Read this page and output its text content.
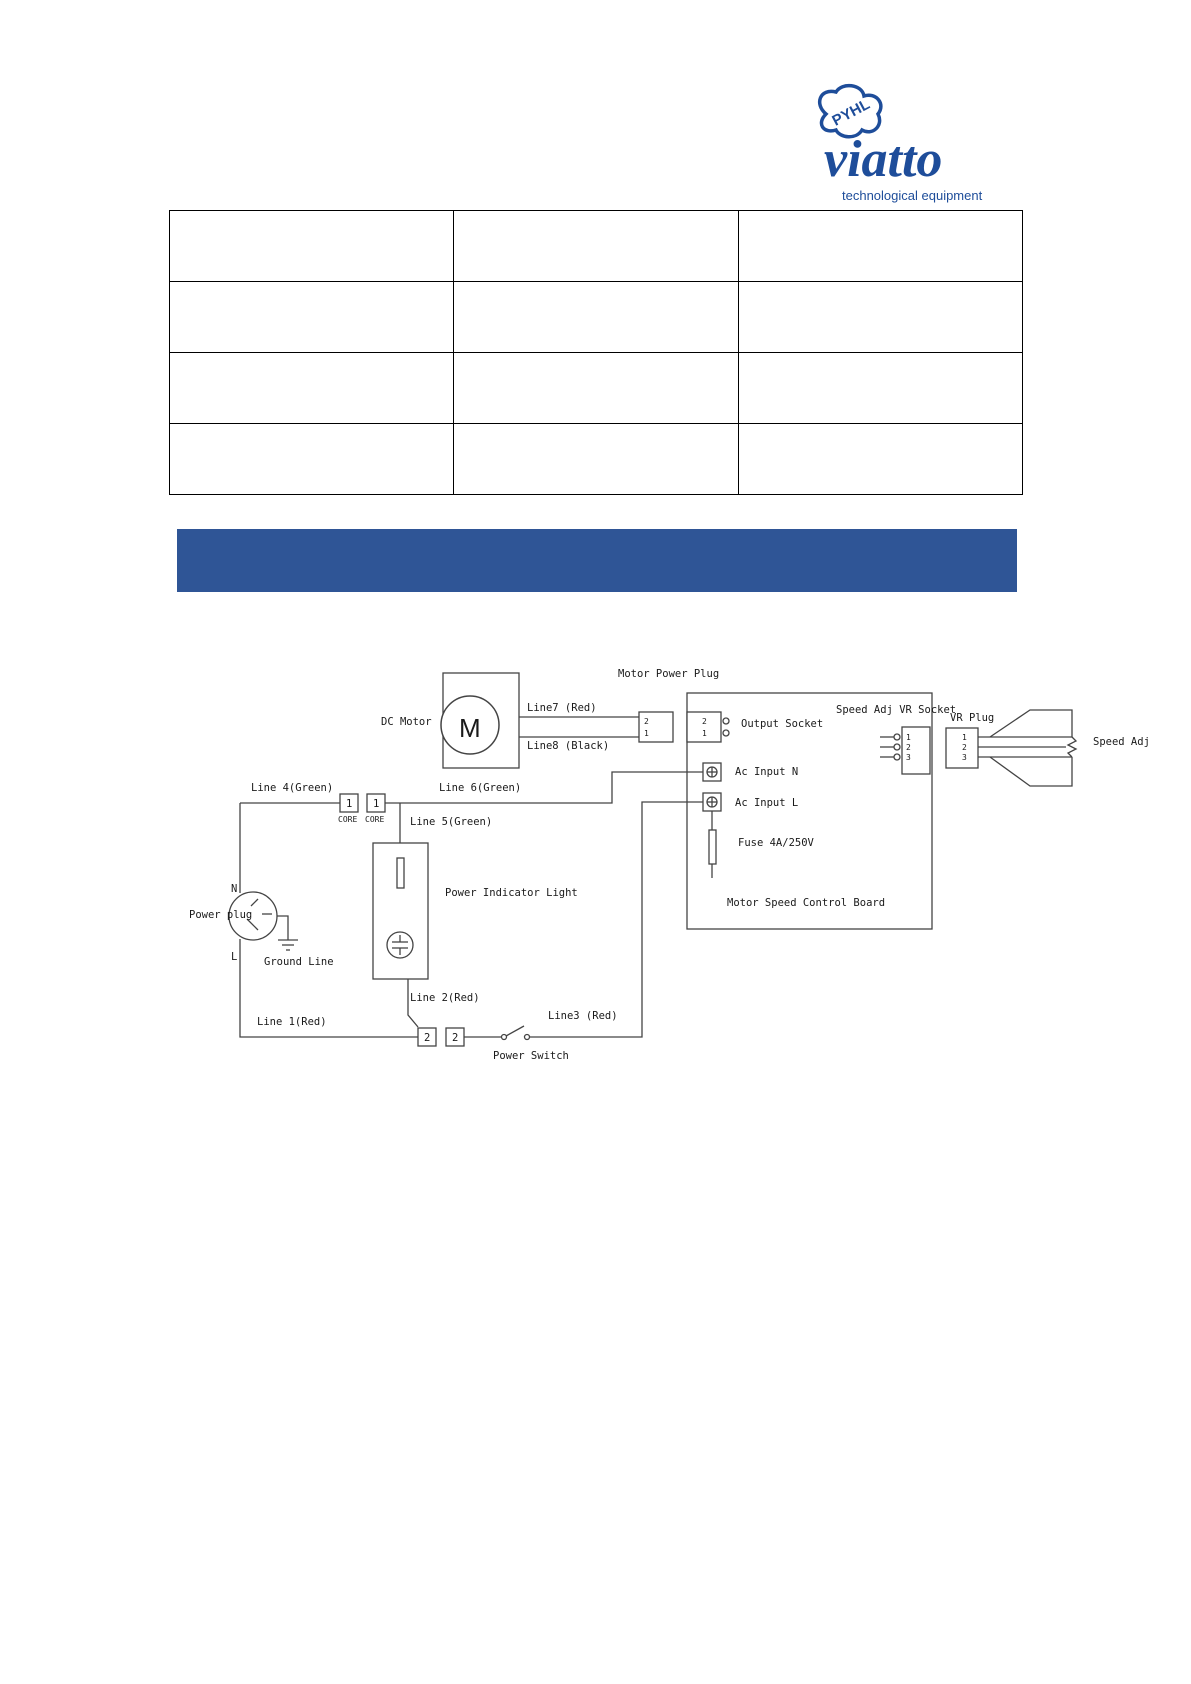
PYHL
viatto
technological equipment

M
DC Motor
Line7 (Red)
Line8 (Black)
2
1
Motor Power Plug
2
1
Output Socket
Ac Input N
Ac Input L
Fuse 4A/250V
Motor Speed Control Board
1
2
3
Speed Adj VR Socket
1
2
3
VR Plug
Speed Adj
1
CORE
1
CORE
Line 4(Green)	Line 6(Green)
Line 5(Green)
Power Indicator Light
Line 2(Red)
N
L
Power plug
Line 1(Red)
Ground Line
2 2
Power Switch
Line3 (Red)
